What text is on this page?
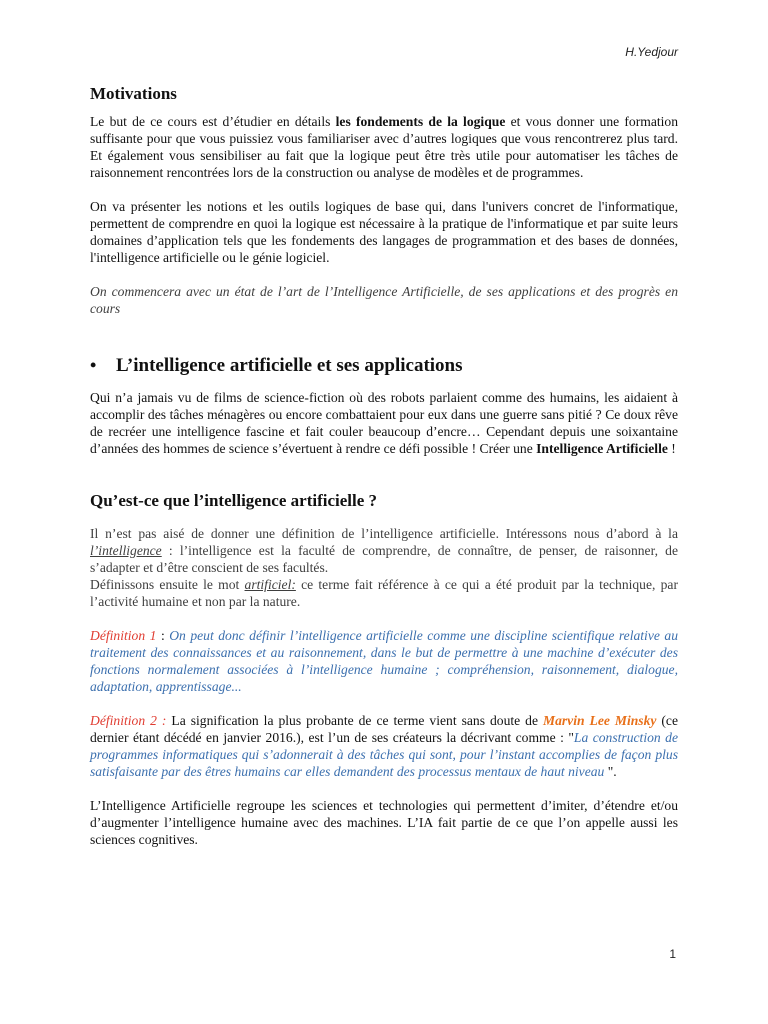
H.Yedjour
Motivations

Le but de ce cours est d’étudier en détails les fondements de la logique et vous donner une formation suffisante pour que vous puissiez vous familiariser avec d’autres logiques que vous rencontrerez plus tard. Et également vous sensibiliser au fait que la logique peut être très utile pour automatiser les tâches de raisonnement rencontrées lors de la construction ou analyse de modèles et de programmes.

On va présenter les notions et les outils logiques de base qui, dans l'univers concret de l'informatique, permettent de comprendre en quoi la logique est nécessaire à la pratique de l'informatique et par suite leurs domaines d’application tels que les fondements des langages de programmation et des bases de données, l'intelligence artificielle ou le génie logiciel.

On commencera avec un état de l’art de l’Intelligence Artificielle, de ses applications et des progrès en cours

•	L’intelligence artificielle et ses applications

Qui n’a jamais vu de films de science-fiction où des robots parlaient comme des humains, les aidaient à accomplir des tâches ménagères ou encore combattaient pour eux dans une guerre sans pitié ? Ce doux rêve de recréer une intelligence fascine et fait couler beaucoup d’encre… Cependant depuis une soixantaine d’années des hommes de science s’évertuent à rendre ce défi possible ! Créer une Intelligence Artificielle !

Qu’est-ce que l’intelligence artificielle ?

Il n’est pas aisé de donner une définition de l’intelligence artificielle. Intéressons nous d’abord à la l’intelligence : l’intelligence est la faculté de comprendre, de connaître, de penser, de raisonner, de s’adapter et d’être conscient de ses facultés.

Définissons ensuite le mot artificiel: ce terme fait référence à ce qui a été produit par la technique, par l’activité humaine et non par la nature.

Définition 1 : On peut donc définir l’intelligence artificielle comme une discipline scientifique relative au traitement des connaissances et au raisonnement, dans le but de permettre à une machine d’exécuter des fonctions normalement associées à l’intelligence humaine ; compréhension, raisonnement, dialogue, adaptation, apprentissage...

Définition 2 : La signification la plus probante de ce terme vient sans doute de Marvin Lee Minsky (ce dernier étant décédé en janvier 2016.), est l’un de ses créateurs la décrivant comme : "La construction de programmes informatiques qui s’adonnerait à des tâches qui sont, pour l’instant accomplies de façon plus satisfaisante par des êtres humains car elles demandent des processus mentaux de haut niveau ".

L’Intelligence Artificielle regroupe les sciences et technologies qui permettent d’imiter, d’étendre et/ou d’augmenter l’intelligence humaine avec des machines. L’IA fait partie de ce que l’on appelle aussi les sciences cognitives.

1
